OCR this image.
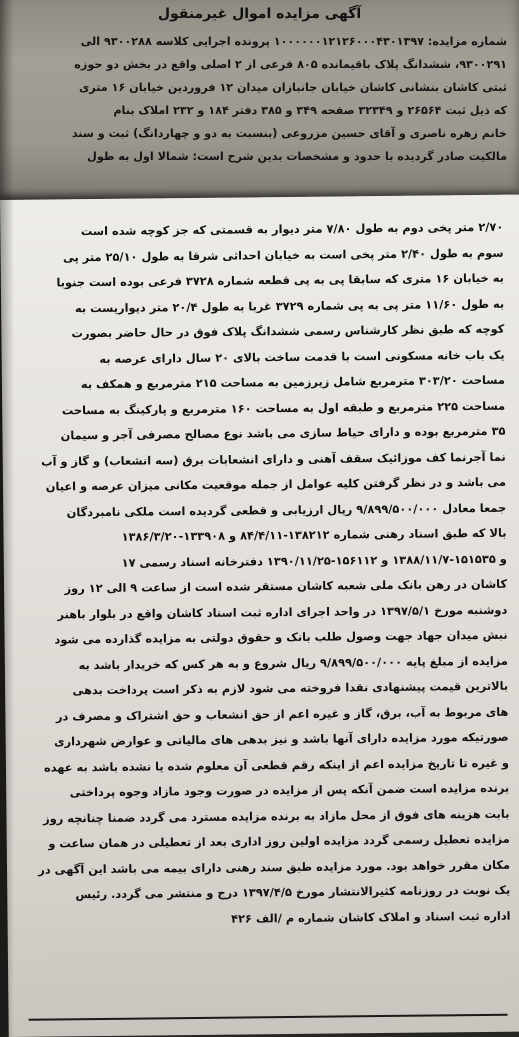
آگهی مزایده اموال غیرمنقول
شماره مزایده: ۱۰۰۰۰۰۰۱۲۱۲۶۰۰۰۴۳۰۱۳۹۷ پرونده اجرایی کلاسه ۹۳۰۰۲۸۸ الی
۹۳۰۰۲۹۱، ششدانگ پلاک باقیمانده ۸۰۵ فرعی از ۲ اصلی واقع در بخش دو حوزه
ثبتی کاشان بنشانی کاشان خیابان جانبازان میدان ۱۲ فروردین خیابان ۱۶ متری
که ذیل ثبت ۲۶۵۶۴ و ۳۲۳۴۹ صفحه ۳۴۹ و ۳۸۵ دفتر ۱۸۴ و ۲۳۲ املاک بنام
خانم زهره ناصری و آقای حسین مزروعی (بنسبت به دو و چهاردانگ) ثبت و سند
مالکیت صادر گردیده با حدود و مشخصات بدین شرح است: شمالا اول به طول
۲/۷۰ متر پخی دوم به طول ۷/۸۰ متر دیوار به قسمتی که جز کوچه شده است
سوم به طول ۲/۴۰ متر پخی است به خیابان احداثی شرقا به طول ۲۵/۱۰ متر پی
به خیابان ۱۶ متری که سابقا پی به پی قطعه شماره ۳۷۲۸ فرعی بوده است جنوبا
به طول ۱۱/۶۰ متر پی به پی شماره ۳۷۲۹ غربا به طول ۲۰/۴ متر دیواریست به
کوچه که طبق نظر کارشناس رسمی ششدانگ پلاک فوق در حال حاضر بصورت
یک باب خانه مسکونی است با قدمت ساخت بالای ۲۰ سال دارای عرصه به
مساحت ۳۰۳/۲۰ مترمربع شامل زیرزمین به مساحت ۲۱۵ مترمربع و همکف به
مساحت ۲۲۵ مترمربع و طبقه اول به مساحت ۱۶۰ مترمربع و پارکینگ به مساحت
۳۵ مترمربع بوده و دارای حیاط سازی می باشد نوع مصالح مصرفی آجر و سیمان
نما آجرنما کف موزائیک سقف آهنی و دارای انشعابات برق (سه انشعاب) و گاز و آب
می باشد و در نظر گرفتن کلیه عوامل از جمله موقعیت مکانی میزان عرصه و اعیان
جمعا معادل ۹/۸۹۹/۵۰۰/۰۰۰ ریال ارزیابی و قطعی گردیده است ملکی نامبردگان
بالا که طبق اسناد رهنی شماره ۱۳۸۲۱۲-۸۴/۴/۱۱ و ۱۳۳۹۰۸-۱۳۸۶/۳/۲۰
و ۱۵۱۵۳۵-۱۳۸۸/۱۱/۷ و ۱۵۶۱۱۲-۱۳۹۰/۱۱/۲۵ دفترخانه اسناد رسمی ۱۷
کاشان در رهن بانک ملی شعبه کاشان مستقر شده است از ساعت ۹ الی ۱۲ روز
دوشنبه مورخ ۱۳۹۷/۵/۱ در واحد اجرای اداره ثبت اسناد کاشان واقع در بلوار باهنر
نبش میدان جهاد جهت وصول طلب بانک و حقوق دولتی به مزایده گذارده می شود
مزایده از مبلغ پایه ۹/۸۹۹/۵۰۰/۰۰۰ ریال شروع و به هر کس که خریدار باشد به
بالاترین قیمت پیشنهادی نقدا فروخته می شود لازم به ذکر است پرداخت بدهی
های مربوط به آب، برق، گاز و غیره اعم از حق انشعاب و حق اشتراک و مصرف در
صورتیکه مورد مزایده دارای آنها باشد و نیز بدهی های مالیاتی و عوارض شهرداری
و غیره تا تاریخ مزایده اعم از اینکه رقم قطعی آن معلوم شده یا نشده باشد به عهده
برنده مزایده است ضمن آنکه پس از مزایده در صورت وجود مازاد وجوه پرداختی
بابت هزینه های فوق از محل مازاد به برنده مزایده مسترد می گردد ضمنا چنانچه روز
مزایده تعطیل رسمی گردد مزایده اولین روز اداری بعد از تعطیلی در همان ساعت و
مکان مقرر خواهد بود. مورد مزایده طبق سند رهنی دارای بیمه می باشد این آگهی در
یک نوبت در روزنامه کثیرالانتشار مورخ ۱۳۹۷/۴/۵ درج و منتشر می گردد. رئیس
اداره ثبت اسناد و املاک کاشان شماره م /الف ۴۲۶
